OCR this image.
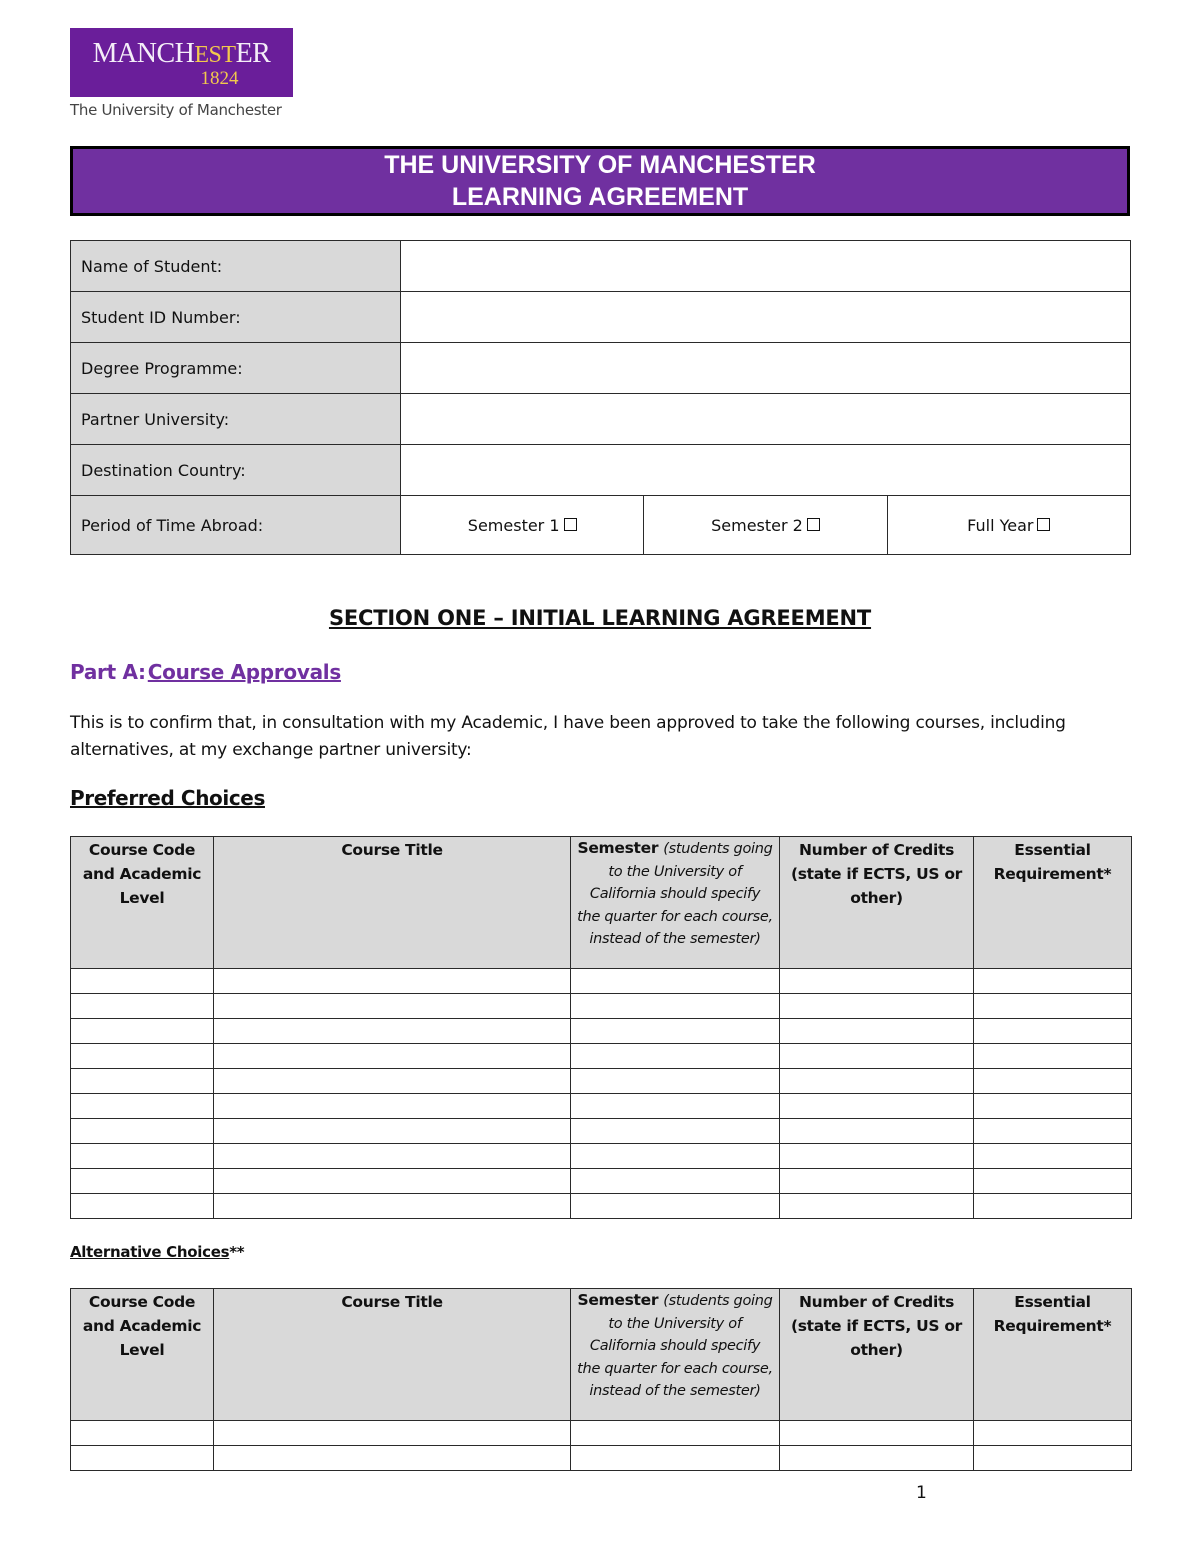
MANCHESTER
1824
The University of Manchester
THE UNIVERSITY OF MANCHESTER
LEARNING AGREEMENT
Name of Student:			
Student ID Number:			
Degree Programme:			
Partner University:			
Destination Country:			
Period of Time Abroad:	Semester 1	Semester 2	Full Year
SECTION ONE – INITIAL LEARNING AGREEMENT
Part A: Course Approvals
This is to confirm that, in consultation with my Academic, I have been approved to take the following courses, including alternatives, at my exchange partner university:
Preferred Choices
Course Code and Academic Level	Course Title	Semester (students going to the University of California should specify the quarter for each course, instead of the semester)	Number of Credits (state if ECTS, US or other)	Essential Requirement*

Alternative Choices**
Course Code and Academic Level	Course Title	Semester (students going to the University of California should specify the quarter for each course, instead of the semester)	Number of Credits (state if ECTS, US or other)	Essential Requirement*

1
